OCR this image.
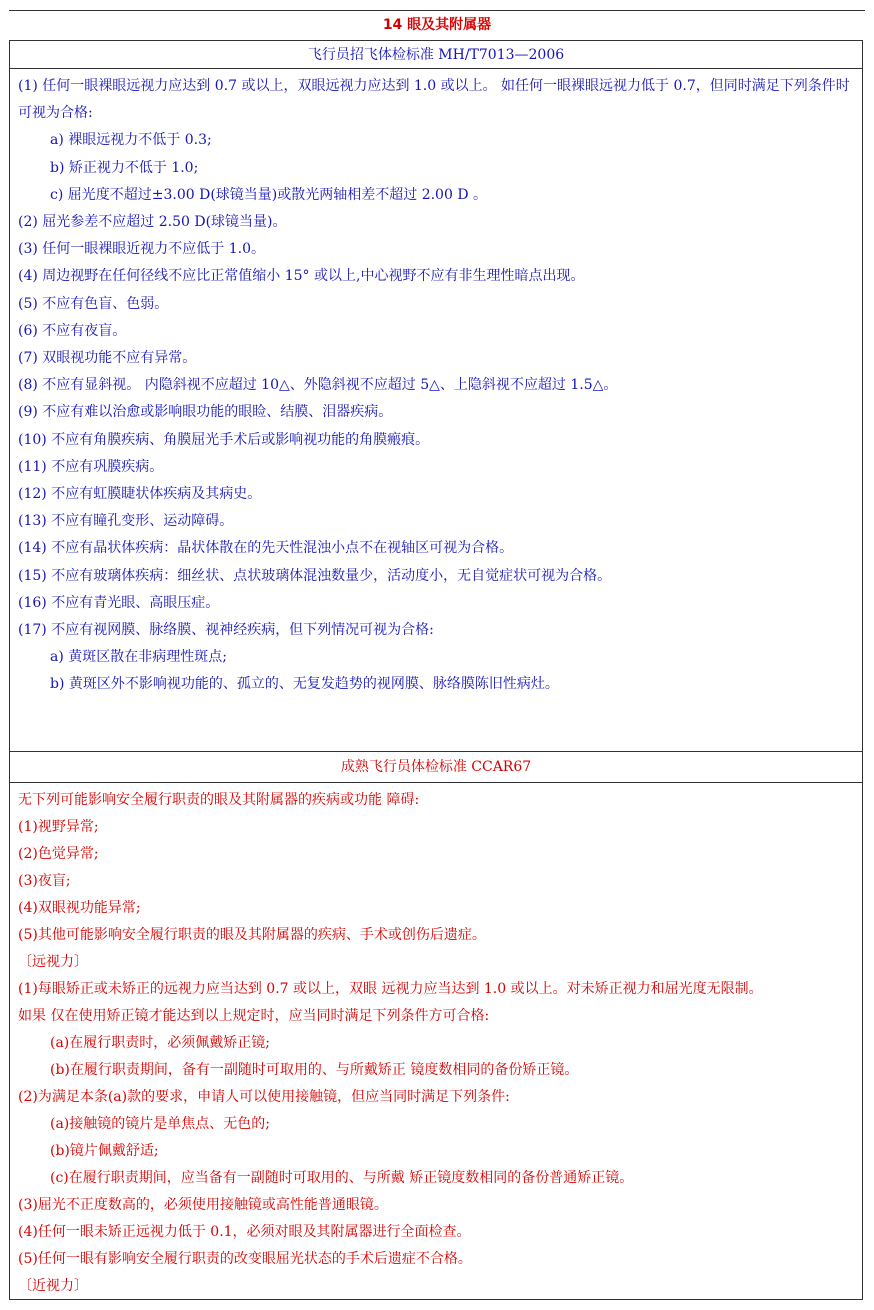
14 眼及其附属器
飞行员招飞体检标准 MH/T7013—2006
(1) 任何一眼裸眼远视力应达到 0.7 或以上，双眼远视力应达到 1.0 或以上。 如任何一眼裸眼远视力低于 0.7，但同时满足下列条件时可视为合格:
a) 裸眼远视力不低于 0.3;
b) 矫正视力不低于 1.0;
c) 屈光度不超过±3.00 D(球镜当量)或散光两轴相差不超过 2.00 D 。
(2) 屈光参差不应超过 2.50 D(球镜当量)。
(3) 任何一眼裸眼近视力不应低于 1.0。
(4) 周边视野在任何径线不应比正常值缩小 15° 或以上,中心视野不应有非生理性暗点出现。
(5) 不应有色盲、色弱。
(6) 不应有夜盲。
(7) 双眼视功能不应有异常。
(8) 不应有显斜视。 内隐斜视不应超过 10△、外隐斜视不应超过 5△、上隐斜视不应超过 1.5△。
(9) 不应有难以治愈或影响眼功能的眼睑、结膜、泪器疾病。
(10) 不应有角膜疾病、角膜屈光手术后或影响视功能的角膜瘢痕。
(11) 不应有巩膜疾病。
(12) 不应有虹膜睫状体疾病及其病史。
(13) 不应有瞳孔变形、运动障碍。
(14) 不应有晶状体疾病：晶状体散在的先天性混浊小点不在视轴区可视为合格。
(15) 不应有玻璃体疾病：细丝状、点状玻璃体混浊数量少，活动度小，无自觉症状可视为合格。
(16) 不应有青光眼、高眼压症。
(17) 不应有视网膜、脉络膜、视神经疾病，但下列情况可视为合格:
a) 黄斑区散在非病理性斑点;
b) 黄斑区外不影响视功能的、孤立的、无复发趋势的视网膜、脉络膜陈旧性病灶。
成熟飞行员体检标准 CCAR67
无下列可能影响安全履行职责的眼及其附属器的疾病或功能 障碍:
(1)视野异常;
(2)色觉异常;
(3)夜盲;
(4)双眼视功能异常;
(5)其他可能影响安全履行职责的眼及其附属器的疾病、手术或创伤后遗症。
〔远视力〕
(1)每眼矫正或未矫正的远视力应当达到 0.7 或以上，双眼 远视力应当达到 1.0 或以上。对未矫正视力和屈光度无限制。
如果 仅在使用矫正镜才能达到以上规定时，应当同时满足下列条件方可合格:
(a)在履行职责时，必须佩戴矫正镜;
(b)在履行职责期间，备有一副随时可取用的、与所戴矫正 镜度数相同的备份矫正镜。
(2)为满足本条(a)款的要求，申请人可以使用接触镜，但应当同时满足下列条件:
(a)接触镜的镜片是单焦点、无色的;
(b)镜片佩戴舒适;
(c)在履行职责期间，应当备有一副随时可取用的、与所戴 矫正镜度数相同的备份普通矫正镜。
(3)屈光不正度数高的，必须使用接触镜或高性能普通眼镜。
(4)任何一眼未矫正远视力低于 0.1，必须对眼及其附属器进行全面检查。
(5)任何一眼有影响安全履行职责的改变眼屈光状态的手术后遗症不合格。
〔近视力〕
